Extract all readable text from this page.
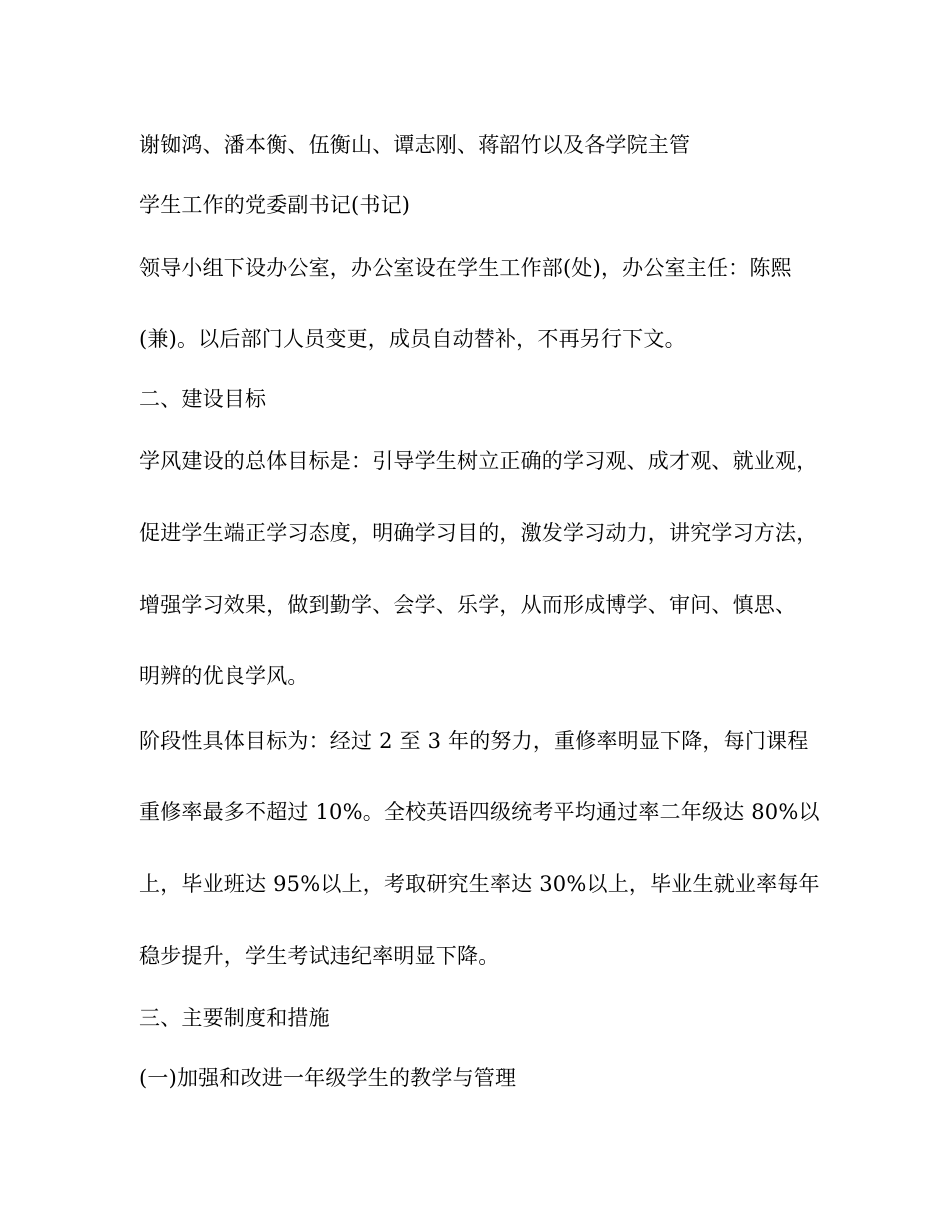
谢铷鸿、潘本衡、伍衡山、谭志刚、蒋韶竹以及各学院主管
学生工作的党委副书记(书记)
领导小组下设办公室，办公室设在学生工作部(处)，办公室主任：陈熙
(兼)。以后部门人员变更，成员自动替补，不再另行下文。
二、建设目标
学风建设的总体目标是：引导学生树立正确的学习观、成才观、就业观，
促进学生端正学习态度，明确学习目的，激发学习动力，讲究学习方法，
增强学习效果，做到勤学、会学、乐学，从而形成博学、审问、慎思、
明辨的优良学风。
阶段性具体目标为：经过 2 至 3 年的努力，重修率明显下降，每门课程
重修率最多不超过 10%。全校英语四级统考平均通过率二年级达 80%以
上，毕业班达 95%以上，考取研究生率达 30%以上，毕业生就业率每年
稳步提升，学生考试违纪率明显下降。
三、主要制度和措施
(一)加强和改进一年级学生的教学与管理
